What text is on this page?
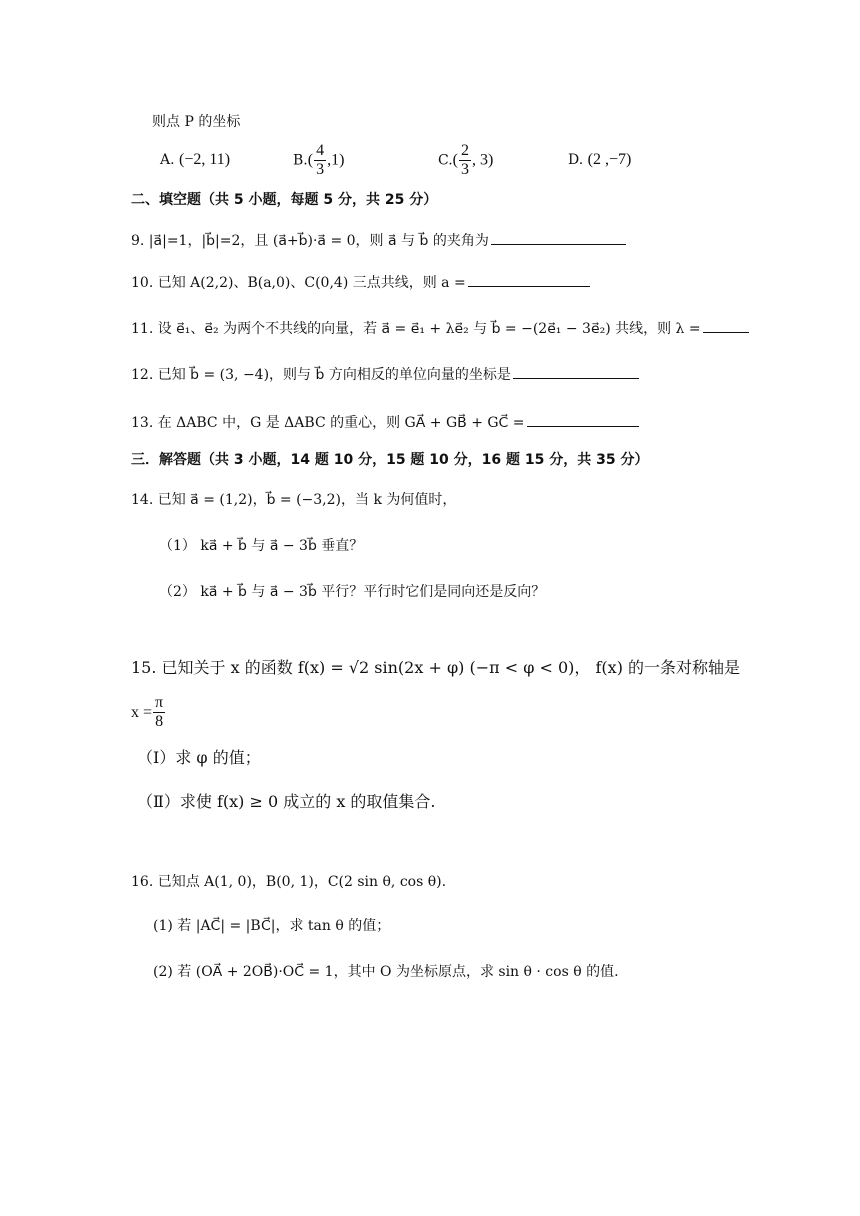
则点 P 的坐标
A. (−2, 11)	$B.( \frac{4}{3} ,1)$	$C.( \frac{2}{3}$ , 3)	D. (2 ,−7)
二、填空题（共 5 小题，每题 5 分，共 25 分）
9. |a⃗|=1，|b⃗|=2，且 (a⃗+b⃗)·a⃗ = 0，则 a⃗ 与 b⃗ 的夹角为
10. 已知 A(2,2)、B(a,0)、C(0,4) 三点共线，则 a =
11. 设 e⃗₁、e⃗₂ 为两个不共线的向量，若 a⃗ = e⃗₁ + λe⃗₂ 与 b⃗ = −(2e⃗₁ − 3e⃗₂) 共线，则 λ =
12. 已知 b⃗ = (3, −4)，则与 b⃗ 方向相反的单位向量的坐标是
13. 在 ΔABC 中，G 是 ΔABC 的重心，则 GA⃗ + GB⃗ + GC⃗ =
三．解答题（共 3 小题，14 题 10 分，15 题 10 分，16 题 15 分，共 35 分）
14. 已知 a⃗ = (1,2)，b⃗ = (−3,2)，当 k 为何值时，
（1） ka⃗ + b⃗ 与 a⃗ − 3b⃗ 垂直？
（2） ka⃗ + b⃗ 与 a⃗ − 3b⃗ 平行？平行时它们是同向还是反向？
15. 已知关于 x 的函数 f(x) = √2 sin(2x + φ) (−π < φ < 0)， f(x) 的一条对称轴是
$x = \frac{\pi}{8}$
（Ⅰ）求 φ 的值；
（Ⅱ）求使 f(x) ≥ 0 成立的 x 的取值集合.
16. 已知点 A(1, 0)，B(0, 1)，C(2 sin θ, cos θ).
(1) 若 |AC⃗| = |BC⃗|，求 tan θ 的值；
(2) 若 (OA⃗ + 2OB⃗)·OC⃗ = 1，其中 O 为坐标原点，求 sin θ · cos θ 的值.
